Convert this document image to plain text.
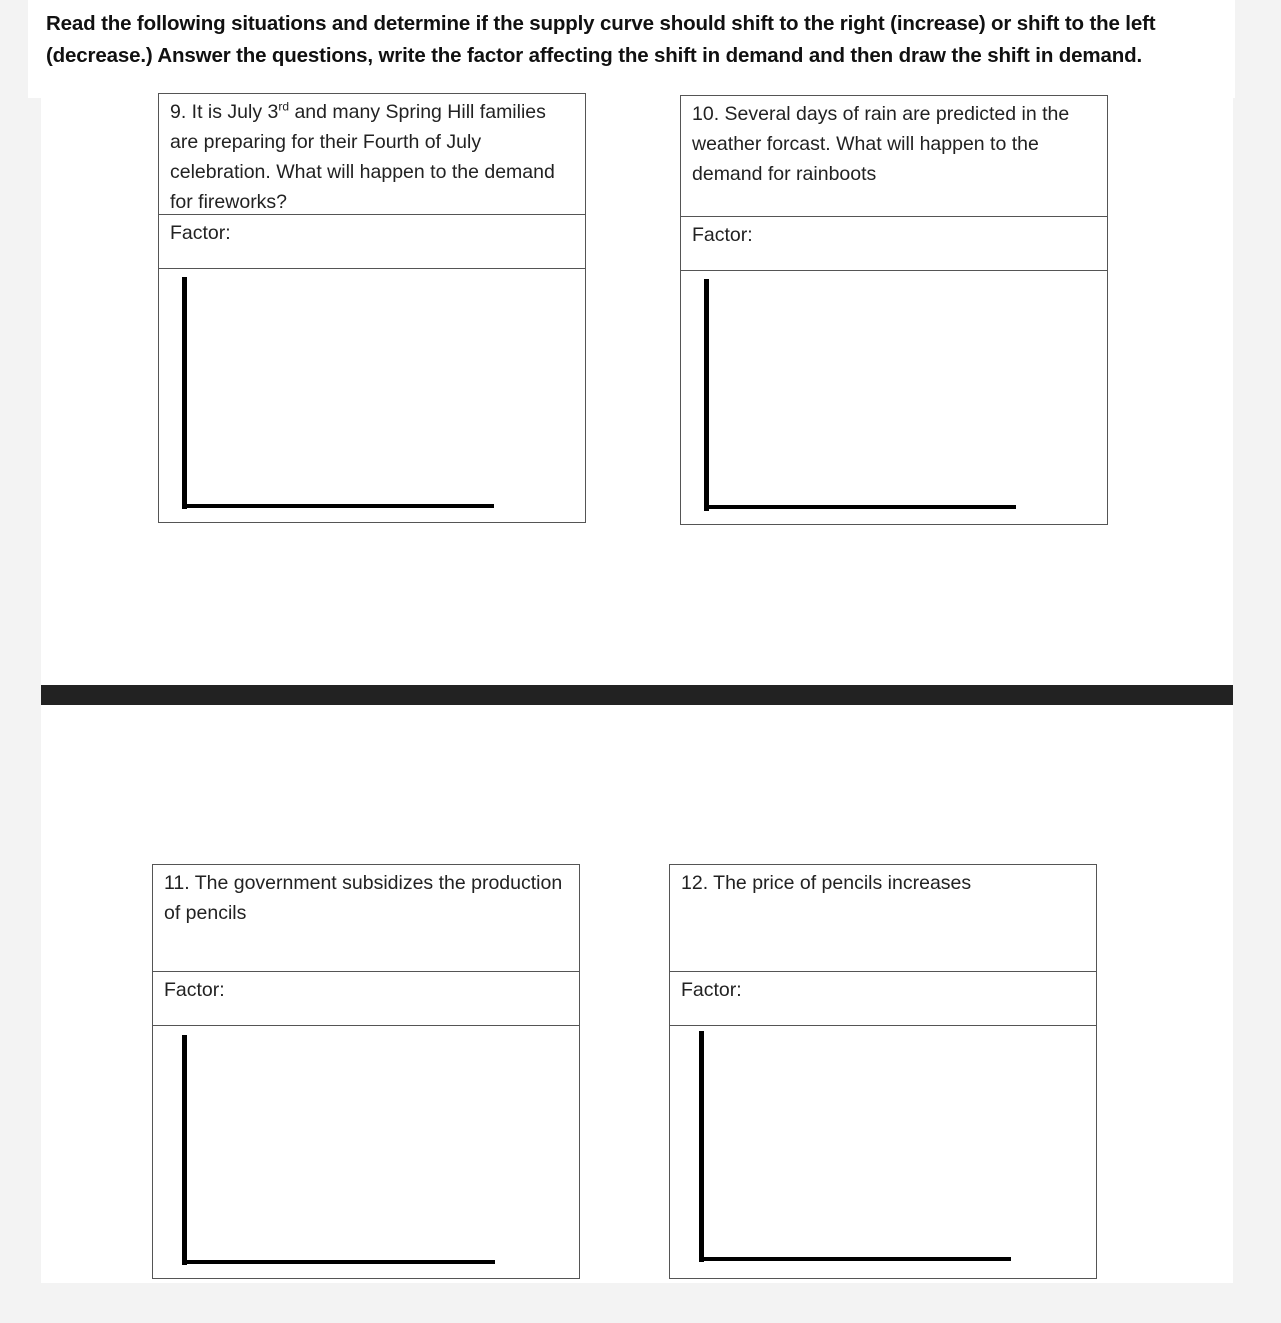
Read the following situations and determine if the supply curve should shift to the right (increase) or shift to the left (decrease.) Answer the questions, write the factor affecting the shift in demand and then draw the shift in demand.

9. It is July 3rd and many Spring Hill families are preparing for their Fourth of July celebration. What will happen to the demand for fireworks?
Factor:
10. Several days of rain are predicted in the weather forcast. What will happen to the demand for rainboots
Factor:
11. The government subsidizes the production of pencils
Factor:
12. The price of pencils increases
Factor:
